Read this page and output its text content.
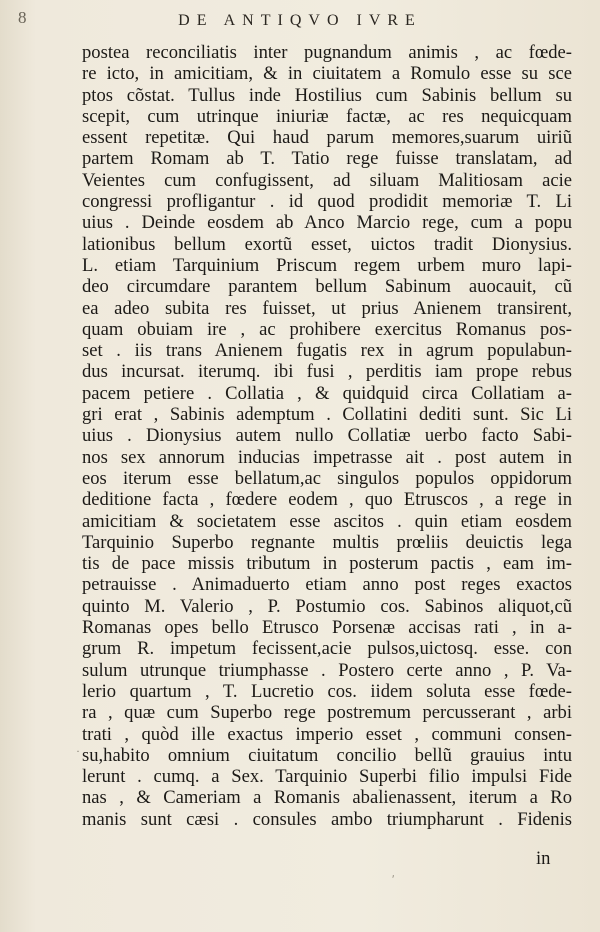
8	DE ANTIQVO IVRE
postea reconciliatis inter pugnandum animis , ac fœde-
re icto, in amicitiam, & in ciuitatem a Romulo esse su sce
ptos cõstat. Tullus inde Hostilius cum Sabinis bellum su
scepit, cum utrinque iniuriæ factæ, ac res nequicquam
essent repetitæ. Qui haud parum memores,suarum uiriũ
partem Romam ab T. Tatio rege fuisse translatam, ad
Veientes cum confugissent, ad siluam Malitiosam acie
congressi profligantur . id quod prodidit memoriæ T. Li
uius . Deinde eosdem ab Anco Marcio rege, cum a popu
lationibus bellum exortũ esset, uictos tradit Dionysius.
L. etiam Tarquinium Priscum regem urbem muro lapi-
deo circumdare parantem bellum Sabinum auocauit, cũ
ea adeo subita res fuisset, ut prius Anienem transirent,
quam obuiam ire , ac prohibere exercitus Romanus pos-
set . iis trans Anienem fugatis rex in agrum populabun-
dus incursat. iterumq. ibi fusi , perditis iam prope rebus
pacem petiere . Collatia , & quidquid circa Collatiam a-
gri erat , Sabinis ademptum . Collatini dediti sunt. Sic Li
uius . Dionysius autem nullo Collatiæ uerbo facto Sabi-
nos sex annorum inducias impetrasse ait . post autem in
eos iterum esse bellatum,ac singulos populos oppidorum
deditione facta , fœdere eodem , quo Etruscos , a rege in
amicitiam & societatem esse ascitos . quin etiam eosdem
Tarquinio Superbo regnante multis prœliis deuictis lega
tis de pace missis tributum in posterum pactis , eam im-
petrauisse . Animaduerto etiam anno post reges exactos
quinto M. Valerio , P. Postumio cos. Sabinos aliquot,cũ
Romanas opes bello Etrusco Porsenæ accisas rati , in a-
grum R. impetum fecissent,acie pulsos,uictosq. esse. con
sulum utrunque triumphasse . Postero certe anno , P. Va-
lerio quartum , T. Lucretio cos. iidem soluta esse fœde-
ra , quæ cum Superbo rege postremum percusserant , arbi
trati , quòd ille exactus imperio esset , communi consen-
su,habito omnium ciuitatum concilio bellũ grauius intu
lerunt . cumq. a Sex. Tarquinio Superbi filio impulsi Fide
nas , & Cameriam a Romanis abalienassent, iterum a Ro
manis sunt cæsi . consules ambo triumpharunt . Fidenis
in
·
ʹ
